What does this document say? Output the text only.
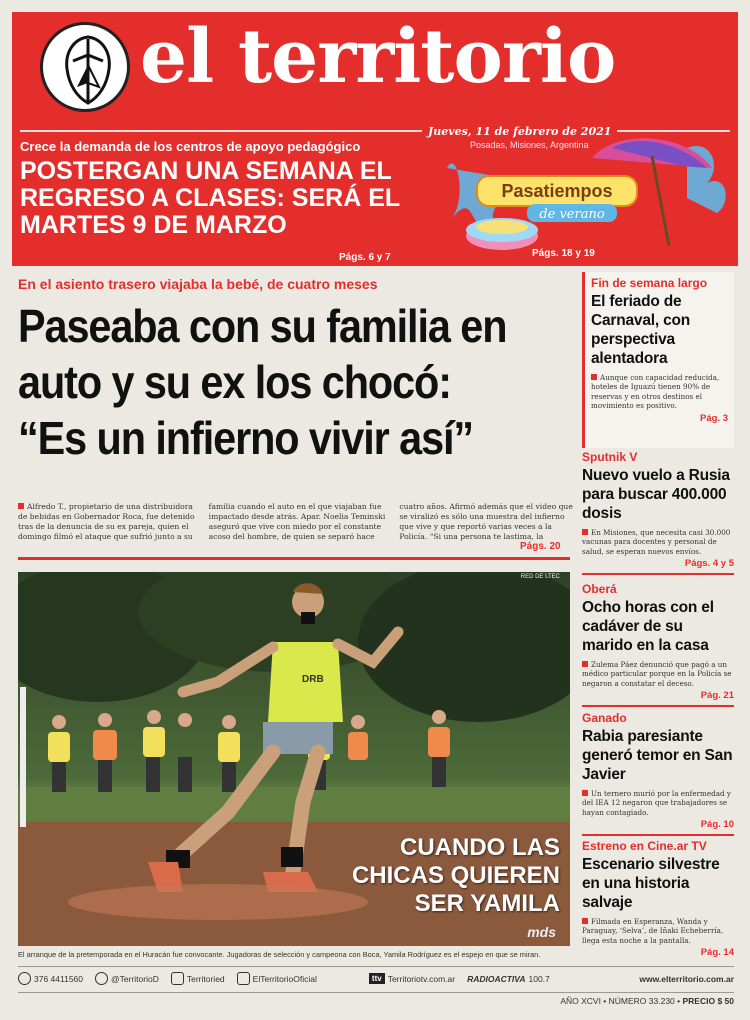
el territorio
Jueves, 11 de febrero de 2021
Posadas, Misiones, Argentina
Crece la demanda de los centros de apoyo pedagógico
POSTERGAN UNA SEMANA EL REGRESO A CLASES: SERÁ EL MARTES 9 DE MARZO
Págs. 6 y 7
Pasatiempos
de verano
Págs. 18 y 19
En el asiento trasero viajaba la bebé, de cuatro meses
Paseaba con su familia en auto y su ex los chocó: “Es un infierno vivir así”
Alfredo T., propietario de una distribuidora de bebidas en Gobernador Roca, fue detenido tras de la denuncia de su ex pareja, quien el domingo filmó el ataque que sufrió junto a su familia cuando el auto en el que viajaban fue impactado desde atrás. Apar. Noelia Teminski aseguró que vive con miedo por el constante acoso del hombre, de quien se separó hace cuatro años. Afirmó además que el video que se viralizó es sólo una muestra del infierno que vive y que reportó varias veces a la Policía. “Si una persona te lastima, la
Págs. 20
DRB
RED DE LTEC
CUANDO LAS
CHICAS QUIEREN
SER YAMILA
mds
El arranque de la pretemporada en el Huracán fue convocante. Jugadoras de selección y campeona con Boca, Yamila Rodríguez es el espejo en que se miran.
Fin de semana largo
El feriado de Carnaval, con perspectiva alentadora
Aunque con capacidad reducida, hoteles de Iguazú tienen 90% de reservas y en otros destinos el movimiento es positivo.
Pág. 3
Sputnik V
Nuevo vuelo a Rusia para buscar 400.000 dosis
En Misiones, que necesita casi 30.000 vacunas para docentes y personal de salud, se esperan nuevos envíos.
Págs. 4 y 5
Oberá
Ocho horas con el cadáver de su marido en la casa
Zulema Páez denunció que pagó a un médico particular porque en la Policía se negaron a constatar el deceso.
Pág. 21
Ganado
Rabia paresiante generó temor en San Javier
Un ternero murió por la enfermedad y del IEA 12 negaron que trabajadores se hayan contagiado.
Pág. 10
Estreno en Cine.ar TV
Escenario silvestre en una historia salvaje
Filmada en Esperanza, Wanda y Paraguay, ‘Selva’, de Iñaki Echeberría, llega esta noche a la pantalla.
Pág. 14
376 4411560	@TerritorioD	Territoried	ElTerritorioOficial	ttv Territoriotv.com.ar RADIOACTIVA 100.7	www.elterritorio.com.ar
AÑO XCVI • NÚMERO 33.230 • PRECIO $ 50
